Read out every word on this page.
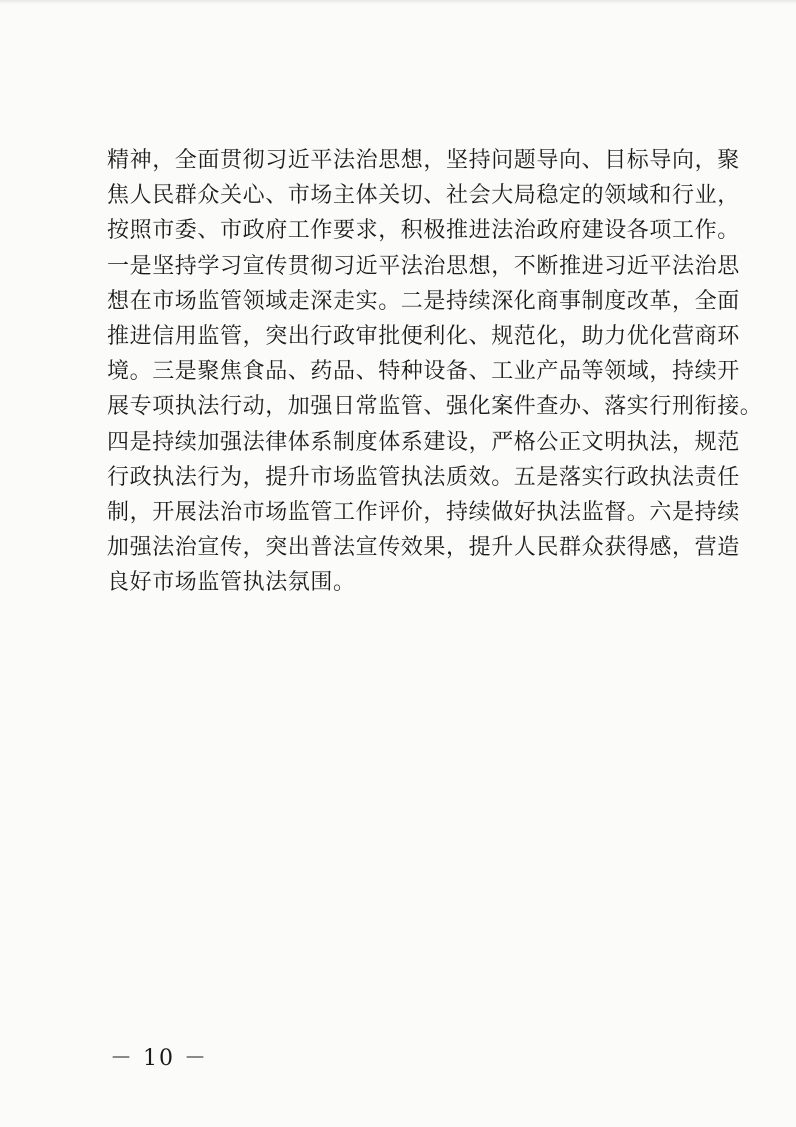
精神，全面贯彻习近平法治思想，坚持问题导向、目标导向，聚
焦人民群众关心、市场主体关切、社会大局稳定的领域和行业，
按照市委、市政府工作要求，积极推进法治政府建设各项工作。
一是坚持学习宣传贯彻习近平法治思想，不断推进习近平法治思
想在市场监管领域走深走实。二是持续深化商事制度改革，全面
推进信用监管，突出行政审批便利化、规范化，助力优化营商环
境。三是聚焦食品、药品、特种设备、工业产品等领域，持续开
展专项执法行动，加强日常监管、强化案件查办、落实行刑衔接。
四是持续加强法律体系制度体系建设，严格公正文明执法，规范
行政执法行为，提升市场监管执法质效。五是落实行政执法责任
制，开展法治市场监管工作评价，持续做好执法监督。六是持续
加强法治宣传，突出普法宣传效果，提升人民群众获得感，营造
良好市场监管执法氛围。
－ 10 －
